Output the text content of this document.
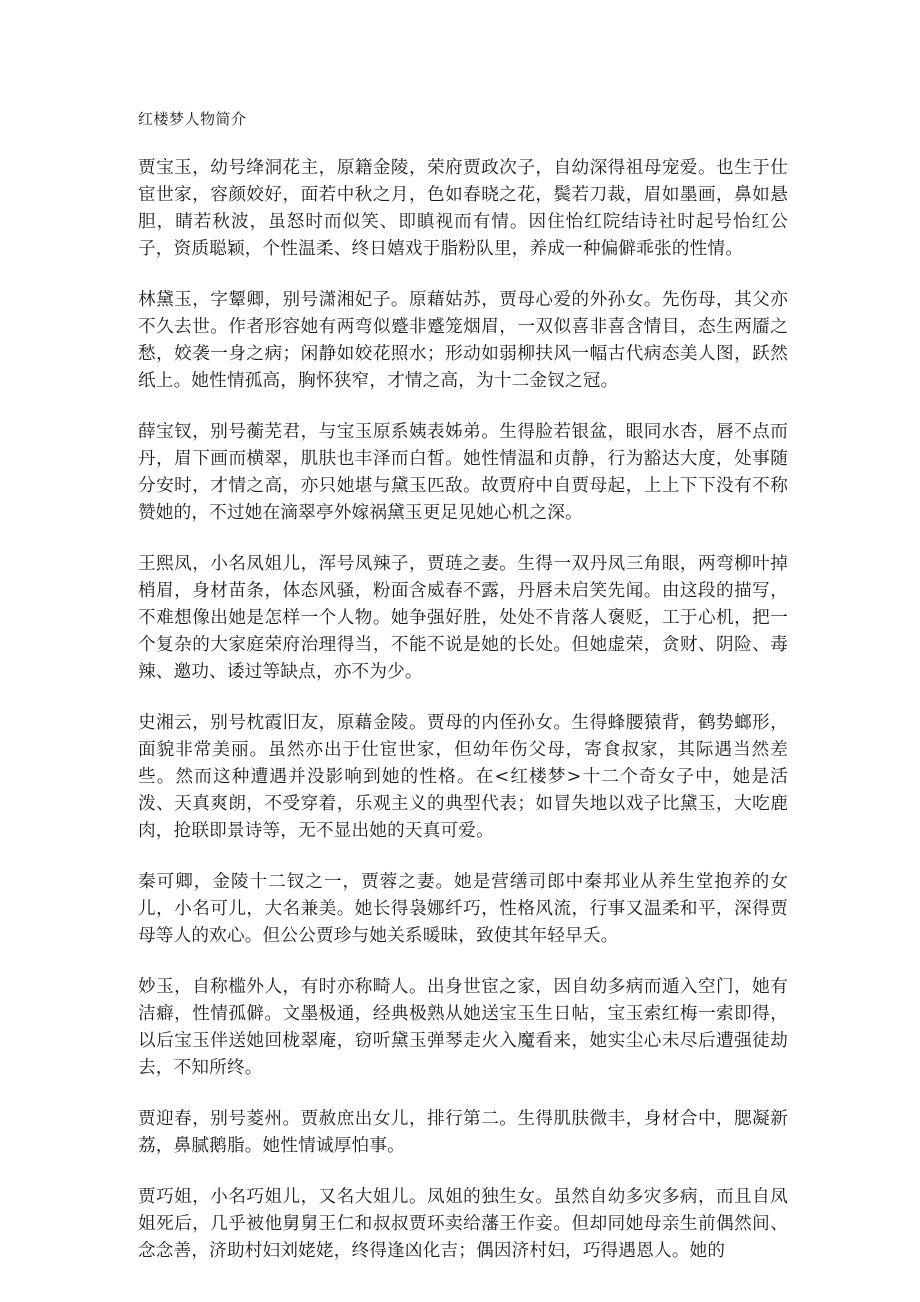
红楼梦人物简介

贾宝玉，幼号绛洞花主，原籍金陵，荣府贾政次子，自幼深得祖母宠爱。也生于仕宦世家，容颜姣好，面若中秋之月，色如春晓之花，鬓若刀裁，眉如墨画，鼻如悬胆，睛若秋波，虽怒时而似笑、即瞋视而有情。因住怡红院结诗社时起号怡红公子，资质聪颖，个性温柔、终日嬉戏于脂粉队里，养成一种偏僻乖张的性情。

林黛玉，字颦卿，别号潇湘妃子。原藉姑苏，贾母心爱的外孙女。先伤母，其父亦不久去世。作者形容她有两弯似蹙非蹙笼烟眉，一双似喜非喜含情目，态生两靥之愁，姣袭一身之病；闲静如姣花照水；形动如弱柳扶风一幅古代病态美人图，跃然纸上。她性情孤高，胸怀狭窄，才情之高，为十二金钗之冠。

薛宝钗，别号蘅芜君，与宝玉原系姨表姊弟。生得脸若银盆，眼同水杏，唇不点而丹，眉下画而横翠，肌肤也丰泽而白皙。她性情温和贞静，行为豁达大度，处事随分安时，才情之高，亦只她堪与黛玉匹敌。故贾府中自贾母起，上上下下没有不称赞她的，不过她在滴翠亭外嫁祸黛玉更足见她心机之深。

王熙凤，小名凤姐儿，浑号凤辣子，贾琏之妻。生得一双丹凤三角眼，两弯柳叶掉梢眉，身材苗条，体态风骚，粉面含威春不露，丹唇未启笑先闻。由这段的描写，不难想像出她是怎样一个人物。她争强好胜，处处不肯落人褒贬，工于心机，把一个复杂的大家庭荣府治理得当，不能不说是她的长处。但她虚荣，贪财、阴险、毒辣、邀功、诿过等缺点，亦不为少。

史湘云，别号枕霞旧友，原藉金陵。贾母的内侄孙女。生得蜂腰猿背，鹤势螂形，面貌非常美丽。虽然亦出于仕宦世家，但幼年伤父母，寄食叔家，其际遇当然差些。然而这种遭遇并没影响到她的性格。在<红楼梦>十二个奇女子中，她是活泼、天真爽朗，不受穿着，乐观主义的典型代表；如冒失地以戏子比黛玉，大吃鹿肉，抢联即景诗等，无不显出她的天真可爱。

秦可卿，金陵十二钗之一，贾蓉之妻。她是营缮司郎中秦邦业从养生堂抱养的女儿，小名可儿，大名兼美。她长得袅娜纤巧，性格风流，行事又温柔和平，深得贾母等人的欢心。但公公贾珍与她关系暖昧，致使其年轻早夭。

妙玉，自称槛外人，有时亦称畸人。出身世宦之家，因自幼多病而遁入空门，她有洁癖，性情孤僻。文墨极通，经典极熟从她送宝玉生日帖，宝玉索红梅一索即得，以后宝玉伴送她回栊翠庵，窃听黛玉弹琴走火入魔看来，她实尘心未尽后遭强徒劫去，不知所终。

贾迎春，别号菱州。贾赦庶出女儿，排行第二。生得肌肤微丰，身材合中，腮凝新荔，鼻腻鹅脂。她性情诚厚怕事。

贾巧姐，小名巧姐儿，又名大姐儿。凤姐的独生女。虽然自幼多灾多病，而且自凤姐死后，几乎被他舅舅王仁和叔叔贾环卖给藩王作妾。但却同她母亲生前偶然间、念念善，济助村妇刘姥姥，终得逢凶化吉；偶因济村妇，巧得遇恩人。她的
